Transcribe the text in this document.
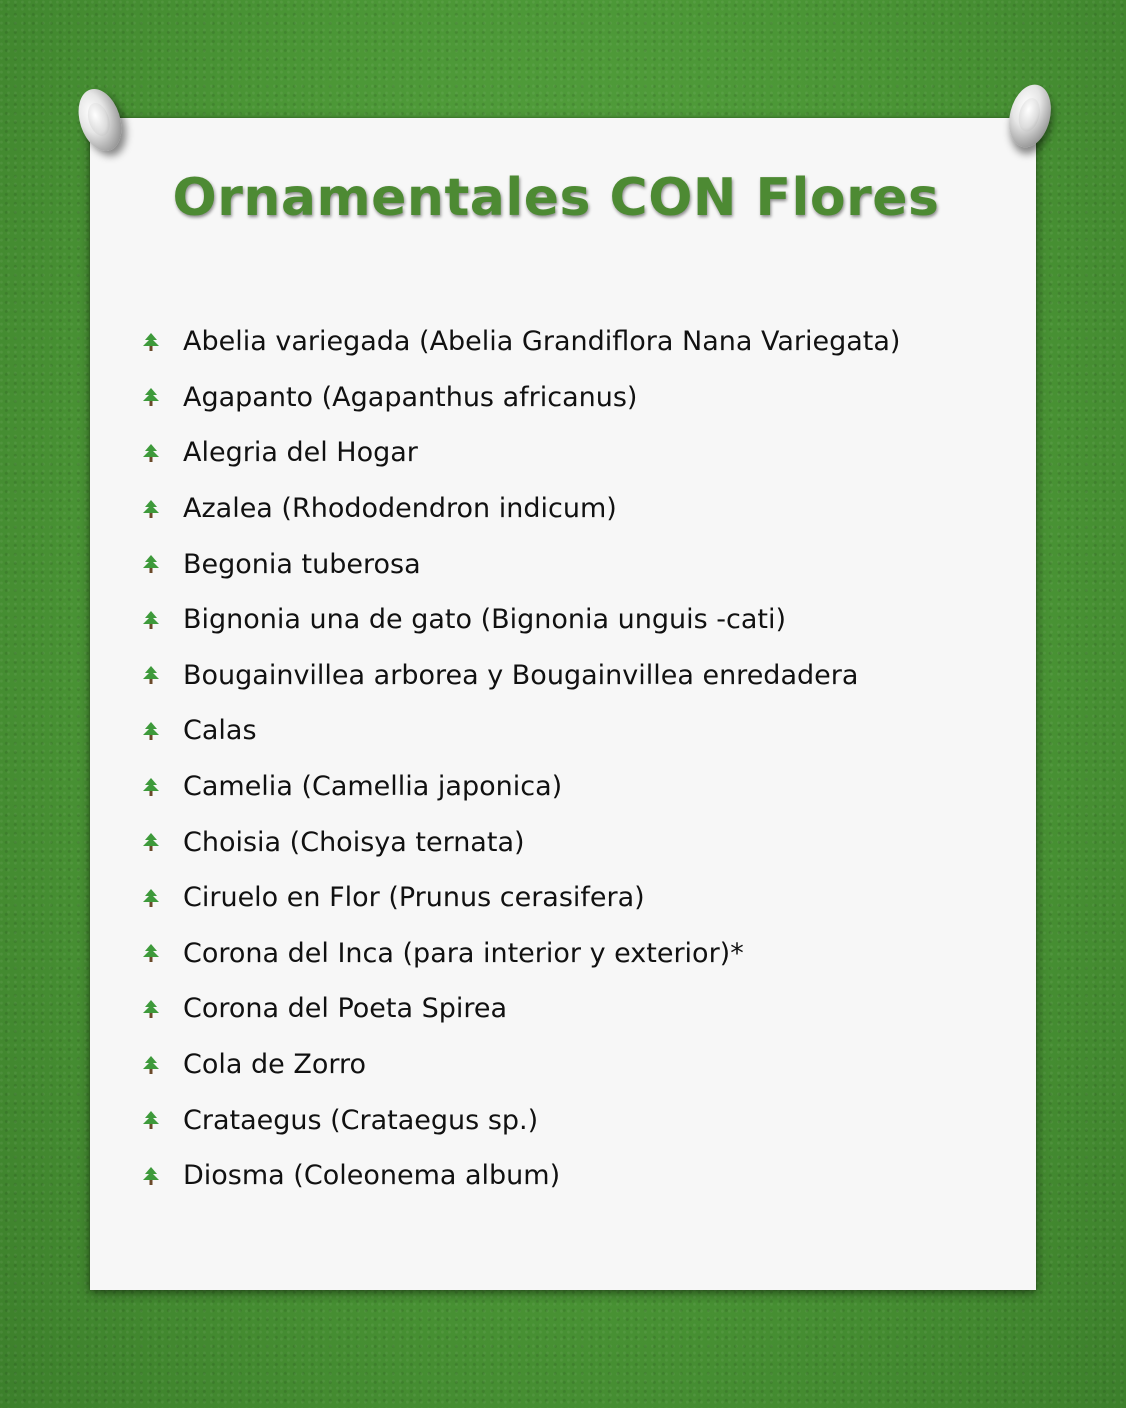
Ornamentales CON Flores
Abelia variegada (Abelia Grandiflora Nana Variegata)
Agapanto (Agapanthus africanus)
Alegria del Hogar
Azalea (Rhododendron indicum)
Begonia tuberosa
Bignonia una de gato (Bignonia unguis -cati)
Bougainvillea arborea y Bougainvillea enredadera
Calas
Camelia (Camellia japonica)
Choisia (Choisya ternata)
Ciruelo en Flor (Prunus cerasifera)
Corona del Inca (para interior y exterior)*
Corona del Poeta Spirea
Cola de Zorro
Crataegus (Crataegus sp.)
Diosma (Coleonema album)
